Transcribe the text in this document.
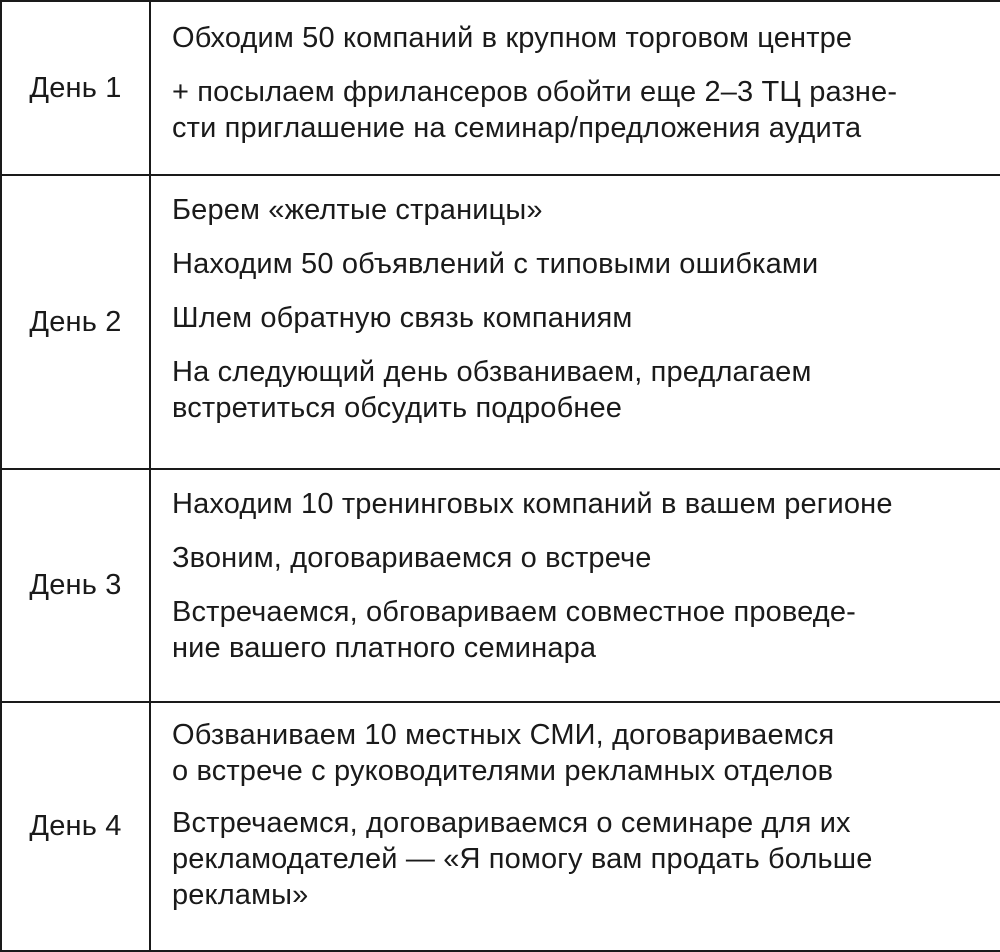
День 1
Обходим 50 компаний в крупном торговом центре
+ посылаем фрилансеров обойти еще 2–3 ТЦ разне-
сти приглашение на семинар/предложения аудита
День 2
Берем «желтые страницы»
Находим 50 объявлений с типовыми ошибками
Шлем обратную связь компаниям
На следующий день обзваниваем, предлагаем
встретиться обсудить подробнее
День 3
Находим 10 тренинговых компаний в вашем регионе
Звоним, договариваемся о встрече
Встречаемся, обговариваем совместное проведе-
ние вашего платного семинара
День 4
Обзваниваем 10 местных СМИ, договариваемся
о встрече с руководителями рекламных отделов
Встречаемся, договариваемся о семинаре для их
рекламодателей — «Я помогу вам продать больше
рекламы»
